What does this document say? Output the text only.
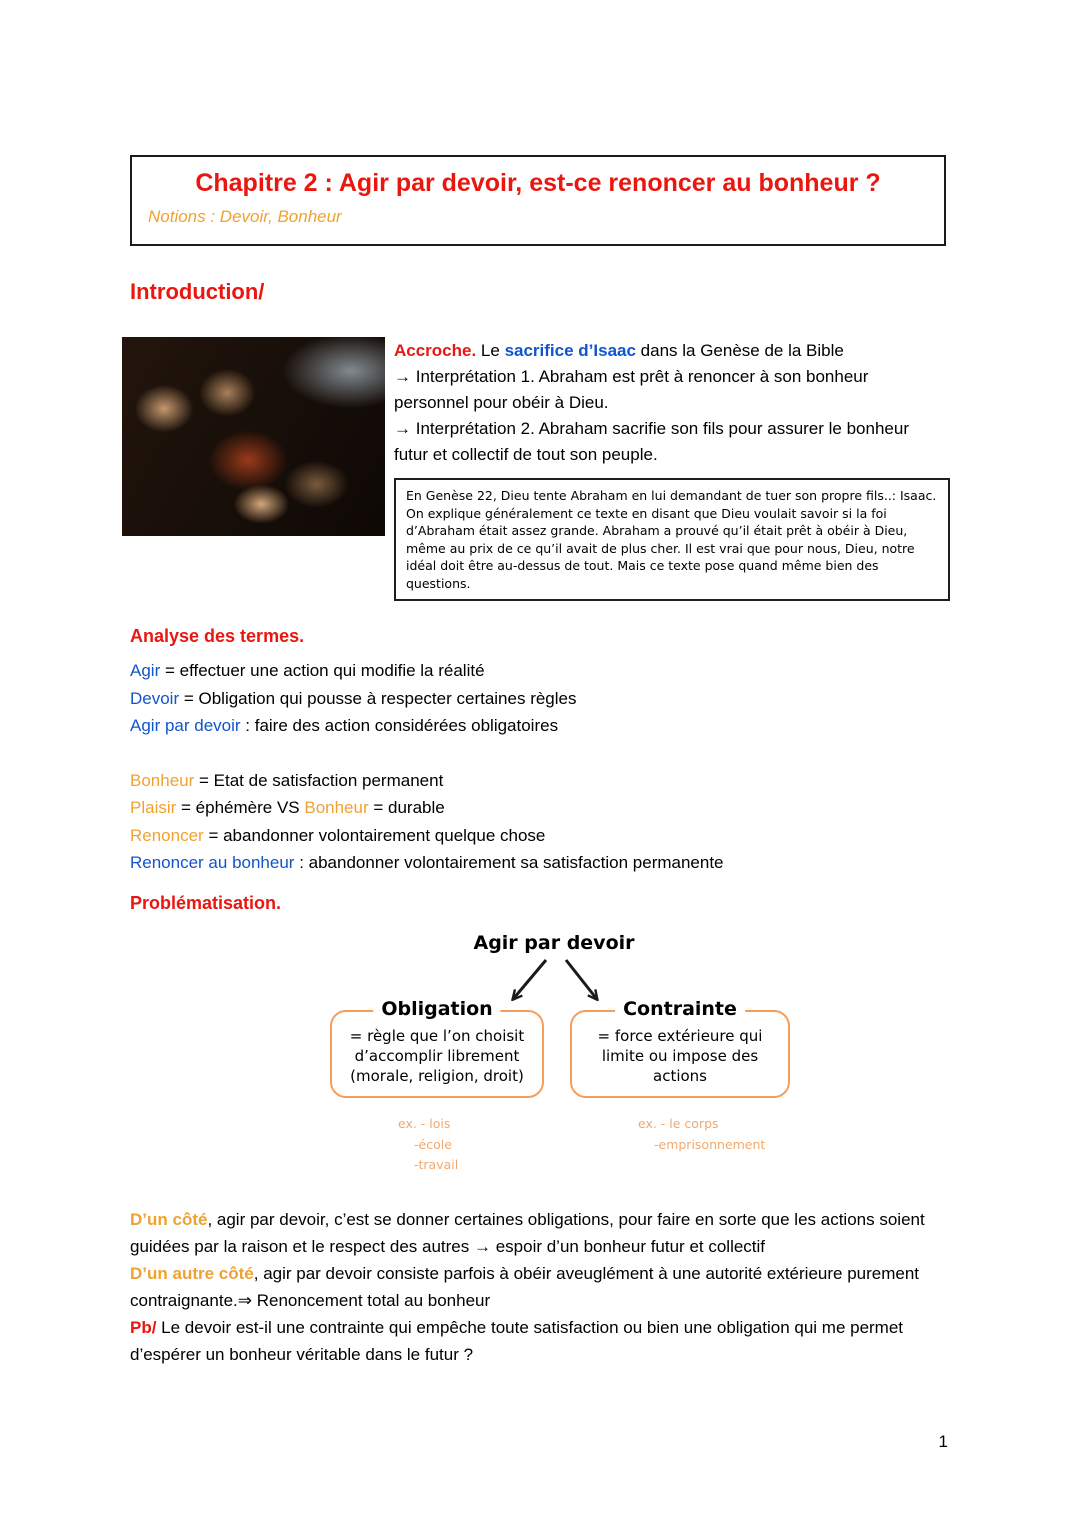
Chapitre 2 : Agir par devoir, est-ce renoncer au bonheur ?
Notions : Devoir, Bonheur
Introduction/

Accroche. Le sacrifice d’Isaac dans la Genèse de la Bible

→ Interprétation 1. Abraham est prêt à renoncer à son bonheur personnel pour obéir à Dieu.

→ Interprétation 2. Abraham sacrifie son fils pour assurer le bonheur futur et collectif de tout son peuple.

En Genèse 22, Dieu tente Abraham en lui demandant de tuer son propre fils..: Isaac. On explique généralement ce texte en disant que Dieu voulait savoir si la foi d’Abraham était assez grande. Abraham a prouvé qu’il était prêt à obéir à Dieu, même au prix de ce qu’il avait de plus cher. Il est vrai que pour nous, Dieu, notre idéal doit être au-dessus de tout. Mais ce texte pose quand même bien des questions.
Analyse des termes.
Agir = effectuer une action qui modifie la réalité
Devoir = Obligation qui pousse à respecter certaines règles
Agir par devoir : faire des action considérées obligatoires
Bonheur = Etat de satisfaction permanent
Plaisir = éphémère VS Bonheur = durable
Renoncer = abandonner volontairement quelque chose
Renoncer au bonheur : abandonner volontairement sa satisfaction permanente
Problématisation.
Agir par devoir
Obligation
= règle que l’on choisit d’accomplir librement (morale, religion, droit)
Contrainte
= force extérieure qui limite ou impose des actions
ex. - lois
-école
-travail
ex. - le corps
-emprisonnement

D’un côté, agir par devoir, c’est se donner certaines obligations, pour faire en sorte que les actions soient guidées par la raison et le respect des autres → espoir d’un bonheur futur et collectif

D’un autre côté, agir par devoir consiste parfois à obéir aveuglément à une autorité extérieure purement contraignante.⇒ Renoncement total au bonheur

Pb/ Le devoir est-il une contrainte qui empêche toute satisfaction ou bien une obligation qui me permet d’espérer un bonheur véritable dans le futur ?

1
